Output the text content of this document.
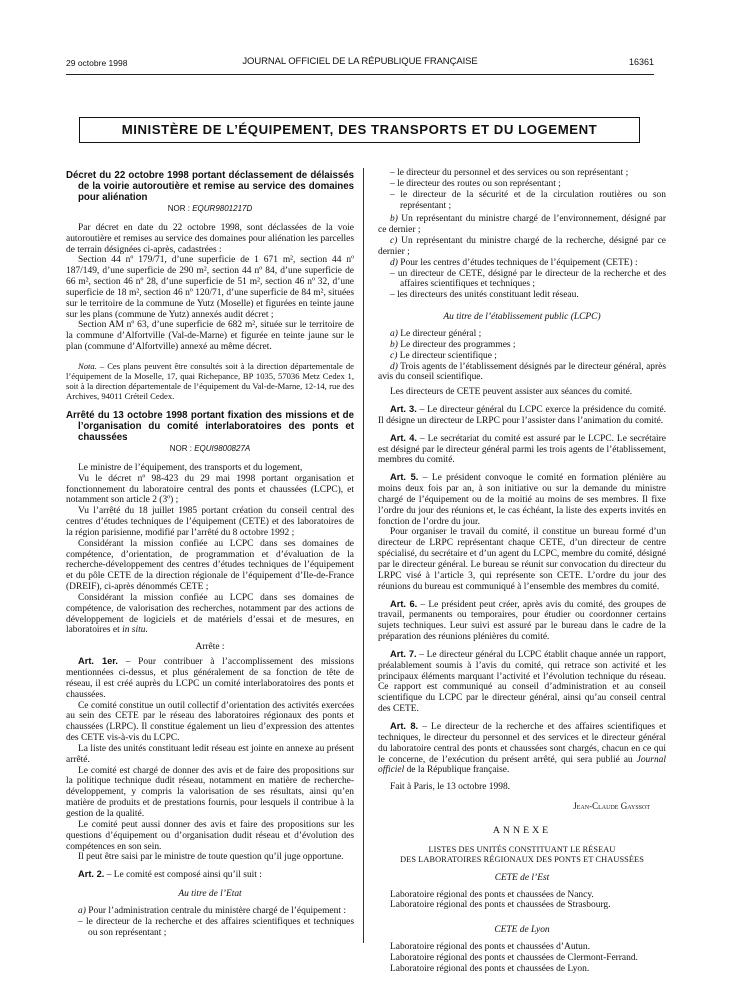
29 octobre 1998	JOURNAL OFFICIEL DE LA RÉPUBLIQUE FRANÇAISE	16361
MINISTÈRE DE L’ÉQUIPEMENT, DES TRANSPORTS ET DU LOGEMENT
Décret du 22 octobre 1998 portant déclassement de délaissés de la voirie autoroutière et remise au service des domaines pour aliénation
NOR : EQUR9801217D

Par décret en date du 22 octobre 1998, sont déclassées de la voie autoroutière et remises au service des domaines pour aliénation les parcelles de terrain désignées ci-après, cadastrées :

Section 44 nº 179/71, d’une superficie de 1 671 m², section 44 nº 187/149, d’une superficie de 290 m², section 44 nº 84, d’une superficie de 66 m², section 46 nº 28, d’une superficie de 51 m², section 46 nº 32, d’une superficie de 18 m², section 46 nº 120/71, d’une superficie de 84 m², situées sur le territoire de la commune de Yutz (Moselle) et figurées en teinte jaune sur les plans (commune de Yutz) annexés audit décret ;

Section AM nº 63, d’une superficie de 682 m², située sur le territoire de la commune d’Alfortville (Val-de-Marne) et figurée en teinte jaune sur le plan (commune d’Alfortville) annexé au même décret.

Nota. – Ces plans peuvent être consultés soit à la direction départementale de l’équipement de la Moselle, 17, quai Richepance, BP 1035, 57036 Metz Cedex 1, soit à la direction départementale de l’équipement du Val-de-Marne, 12-14, rue des Archives, 94011 Créteil Cedex.

Arrêté du 13 octobre 1998 portant fixation des missions et de l’organisation du comité interlaboratoires des ponts et chaussées
NOR : EQUI9800827A

Le ministre de l’équipement, des transports et du logement,

Vu le décret nº 98-423 du 29 mai 1998 portant organisation et fonctionnement du laboratoire central des ponts et chaussées (LCPC), et notamment son article 2 (3º) ;

Vu l’arrêté du 18 juillet 1985 portant création du conseil central des centres d’études techniques de l’équipement (CETE) et des laboratoires de la région parisienne, modifié par l’arrêté du 8 octobre 1992 ;

Considérant la mission confiée au LCPC dans ses domaines de compétence, d’orientation, de programmation et d’évaluation de la recherche-développement des centres d’études techniques de l’équipement et du pôle CETE de la direction régionale de l’équipement d’Ile-de-France (DREIF), ci-après dénommés CETE ;

Considérant la mission confiée au LCPC dans ses domaines de compétence, de valorisation des recherches, notamment par des actions de développement de logiciels et de matériels d’essai et de mesures, en laboratoires et in situ.

Arrête :

Art. 1er. – Pour contribuer à l’accomplissement des missions mentionnées ci-dessus, et plus généralement de sa fonction de tête de réseau, il est créé auprès du LCPC un comité interlaboratoires des ponts et chaussées.

Ce comité constitue un outil collectif d’orientation des activités exercées au sein des CETE par le réseau des laboratoires régionaux des ponts et chaussées (LRPC). Il constitue également un lieu d’expression des attentes des CETE vis-à-vis du LCPC.

La liste des unités constituant ledit réseau est jointe en annexe au présent arrêté.

Le comité est chargé de donner des avis et de faire des propositions sur la politique technique dudit réseau, notamment en matière de recherche-développement, y compris la valorisation de ses résultats, ainsi qu’en matière de produits et de prestations fournis, pour lesquels il contribue à la gestion de la qualité.

Le comité peut aussi donner des avis et faire des propositions sur les questions d’équipement ou d’organisation dudit réseau et d’évolution des compétences en son sein.

Il peut être saisi par le ministre de toute question qu’il juge opportune.

Art. 2. – Le comité est composé ainsi qu’il suit :

Au titre de l’Etat

a) Pour l’administration centrale du ministère chargé de l’équipement :

– le directeur de la recherche et des affaires scientifiques et techniques ou son représentant ;

– le directeur du personnel et des services ou son représentant ;

– le directeur des routes ou son représentant ;

– le directeur de la sécurité et de la circulation routières ou son représentant ;

b) Un représentant du ministre chargé de l’environnement, désigné par ce dernier ;

c) Un représentant du ministre chargé de la recherche, désigné par ce dernier ;

d) Pour les centres d’études techniques de l’équipement (CETE) :

– un directeur de CETE, désigné par le directeur de la recherche et des affaires scientifiques et techniques ;

– les directeurs des unités constituant ledit réseau.

Au titre de l’établissement public (LCPC)

a) Le directeur général ;

b) Le directeur des programmes ;

c) Le directeur scientifique ;

d) Trois agents de l’établissement désignés par le directeur général, après avis du conseil scientifique.

Les directeurs de CETE peuvent assister aux séances du comité.

Art. 3. – Le directeur général du LCPC exerce la présidence du comité. Il désigne un directeur de LRPC pour l’assister dans l’animation du comité.

Art. 4. – Le secrétariat du comité est assuré par le LCPC. Le secrétaire est désigné par le directeur général parmi les trois agents de l’établissement, membres du comité.

Art. 5. – Le président convoque le comité en formation plénière au moins deux fois par an, à son initiative ou sur la demande du ministre chargé de l’équipement ou de la moitié au moins de ses membres. Il fixe l’ordre du jour des réunions et, le cas échéant, la liste des experts invités en fonction de l’ordre du jour.

Pour organiser le travail du comité, il constitue un bureau formé d’un directeur de LRPC représentant chaque CETE, d’un directeur de centre spécialisé, du secrétaire et d’un agent du LCPC, membre du comité, désigné par le directeur général. Le bureau se réunit sur convocation du directeur du LRPC visé à l’article 3, qui représente son CETE. L’ordre du jour des réunions du bureau est communiqué à l’ensemble des membres du comité.

Art. 6. – Le président peut créer, après avis du comité, des groupes de travail, permanents ou temporaires, pour étudier ou coordonner certains sujets techniques. Leur suivi est assuré par le bureau dans le cadre de la préparation des réunions plénières du comité.

Art. 7. – Le directeur général du LCPC établit chaque année un rapport, préalablement soumis à l’avis du comité, qui retrace son activité et les principaux éléments marquant l’activité et l’évolution technique du réseau. Ce rapport est communiqué au conseil d’administration et au conseil scientifique du LCPC par le directeur général, ainsi qu’au conseil central des CETE.

Art. 8. – Le directeur de la recherche et des affaires scientifiques et techniques, le directeur du personnel et des services et le directeur général du laboratoire central des ponts et chaussées sont chargés, chacun en ce qui le concerne, de l’exécution du présent arrêté, qui sera publié au Journal officiel de la République française.

Fait à Paris, le 13 octobre 1998.

Jean-Claude Gayssot

ANNEXE

LISTES DES UNITÉS CONSTITUANT LE RÉSEAU
DES LABORATOIRES RÉGIONAUX DES PONTS ET CHAUSSÉES

CETE de l’Est

Laboratoire régional des ponts et chaussées de Nancy.

Laboratoire régional des ponts et chaussées de Strasbourg.

CETE de Lyon

Laboratoire régional des ponts et chaussées d’Autun.

Laboratoire régional des ponts et chaussées de Clermont-Ferrand.

Laboratoire régional des ponts et chaussées de Lyon.
